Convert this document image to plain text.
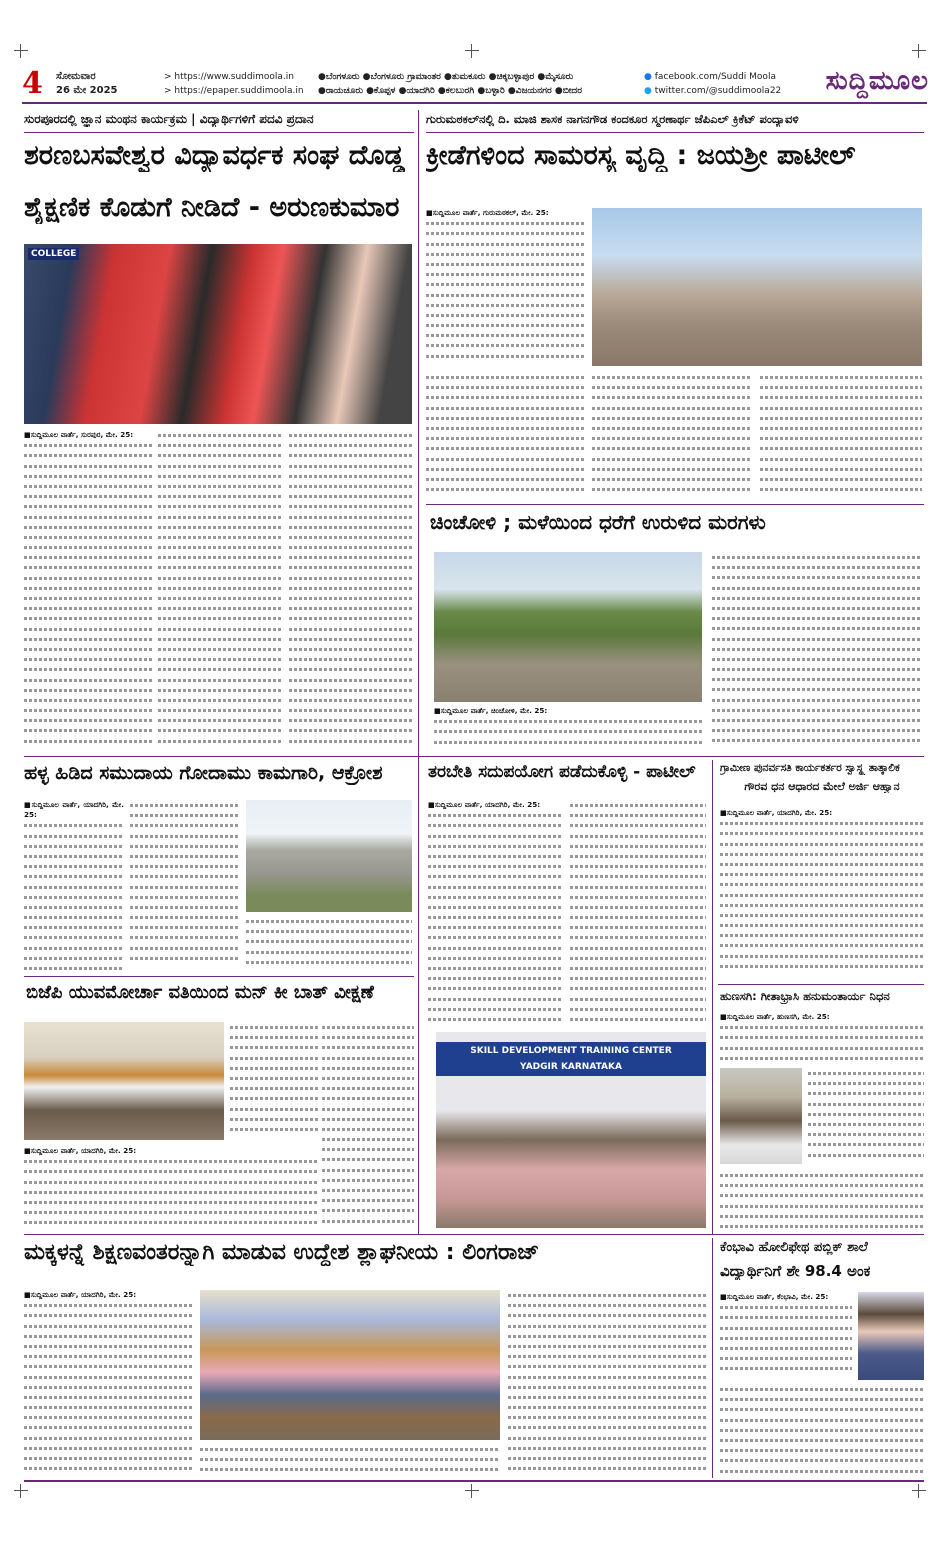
4 ಸೋಮವಾರ
26 ಮೇ 2025
> https://www.suddimoola.in
> https://epaper.suddimoola.in
●ಬೆಂಗಳೂರು ●ಬೆಂಗಳೂರು ಗ್ರಾಮಾಂತರ ●ತುಮಕೂರು ●ಚಿಕ್ಕಬಳ್ಳಾಪುರ ●ಮೈಸೂರು
●ರಾಯಚೂರು ●ಕೊಪ್ಪಳ ●ಯಾದಗಿರಿ ●ಕಲಬುರಗಿ ●ಬಳ್ಳಾರಿ ●ವಿಜಯನಗರ ●ಬೀದರ
● facebook.com/Suddi Moola
● twitter.com/@suddimoola22	ಸುದ್ದಿಮೂಲ
ಸುರಪೂರದಲ್ಲಿ ಜ್ಞಾನ ಮಂಥನ ಕಾರ್ಯಕ್ರಮ | ವಿದ್ಯಾರ್ಥಿಗಳಿಗೆ ಪದವಿ ಪ್ರದಾನ
ಶರಣಬಸವೇಶ್ವರ ವಿದ್ಯಾವರ್ಧಕ ಸಂಘ ದೊಡ್ಡ
ಶೈಕ್ಷಣಿಕ ಕೊಡುಗೆ ನೀಡಿದೆ - ಅರುಣಕುಮಾರ
COLLEGE
■ಸುದ್ದಿಮೂಲ ವಾರ್ತೆ, ಸುರಪುರ, ಮೇ. 25:
ಗುರುಮಠಕಲ್‌ನಲ್ಲಿ ದಿ. ಮಾಜಿ ಶಾಸಕ ನಾಗನಗೌಡ ಕಂದಕೂರ ಸ್ಮರಣಾರ್ಥ ಜೆಪಿಎಲ್ ಕ್ರಿಕೆಟ್ ಪಂದ್ಯಾವಳಿ
ಕ್ರೀಡೆಗಳಿಂದ ಸಾಮರಸ್ಯ ವೃದ್ಧಿ : ಜಯಶ್ರೀ ಪಾಟೀಲ್
■ಸುದ್ದಿಮೂಲ ವಾರ್ತೆ, ಗುರುಮಠಕಲ್, ಮೇ. 25:
ಚಿಂಚೋಳಿ ; ಮಳೆಯಿಂದ ಧರೆಗೆ ಉರುಳಿದ ಮರಗಳು
■ಸುದ್ದಿಮೂಲ ವಾರ್ತೆ, ಚಿಂಚೋಳಿ, ಮೇ. 25:
ಹಳ್ಳ ಹಿಡಿದ ಸಮುದಾಯ ಗೋದಾಮು ಕಾಮಗಾರಿ, ಆಕ್ರೋಶ
■ಸುದ್ದಿಮೂಲ ವಾರ್ತೆ, ಯಾದಗಿರಿ, ಮೇ. 25:
ಬಿಜೆಪಿ ಯುವಮೋರ್ಚಾ ವತಿಯಿಂದ ಮನ್ ಕೀ ಬಾತ್ ವೀಕ್ಷಣೆ
■ಸುದ್ದಿಮೂಲ ವಾರ್ತೆ, ಯಾದಗಿರಿ, ಮೇ. 25:
ತರಬೇತಿ ಸದುಪಯೋಗ ಪಡೆದುಕೊಳ್ಳಿ - ಪಾಟೀಲ್
■ಸುದ್ದಿಮೂಲ ವಾರ್ತೆ, ಯಾದಗಿರಿ, ಮೇ. 25:
SKILL DEVELOPMENT TRAINING CENTER
YADGIR KARNATAKA
ಗ್ರಾಮೀಣ ಪುನರ್ವಸತಿ ಕಾರ್ಯಕರ್ತರ ಸ್ವಾಸ್ಥ್ಯ ತಾತ್ಕಾಲಿಕ
ಗೌರವ ಧನ ಆಧಾರದ ಮೇಲೆ ಅರ್ಜಿ ಆಹ್ವಾನ
■ಸುದ್ದಿಮೂಲ ವಾರ್ತೆ, ಯಾದಗಿರಿ, ಮೇ. 25:
ಹುಣಸಗಿ: ಗೀತಾಭ್ರಾಸಿ ಹನುಮಂತಾರ್ಯ ನಿಧನ
■ಸುದ್ದಿಮೂಲ ವಾರ್ತೆ, ಹುಣಸಗಿ, ಮೇ. 25:
ಮಕ್ಕಳನ್ನೆ ಶಿಕ್ಷಣವಂತರನ್ನಾಗಿ ಮಾಡುವ ಉದ್ದೇಶ ಶ್ಲಾಘನೀಯ : ಲಿಂಗರಾಜ್
■ಸುದ್ದಿಮೂಲ ವಾರ್ತೆ, ಯಾದಗಿರಿ, ಮೇ. 25:
ಕೆಂಭಾವಿ ಹೋಲಿಫೇಥ ಪಬ್ಲಿಕ್ ಶಾಲೆ
ವಿದ್ಯಾರ್ಥಿನಿಗೆ ಶೇ 98.4 ಅಂಕ
■ಸುದ್ದಿಮೂಲ ವಾರ್ತೆ, ಕೆಂಭಾವಿ, ಮೇ. 25:
